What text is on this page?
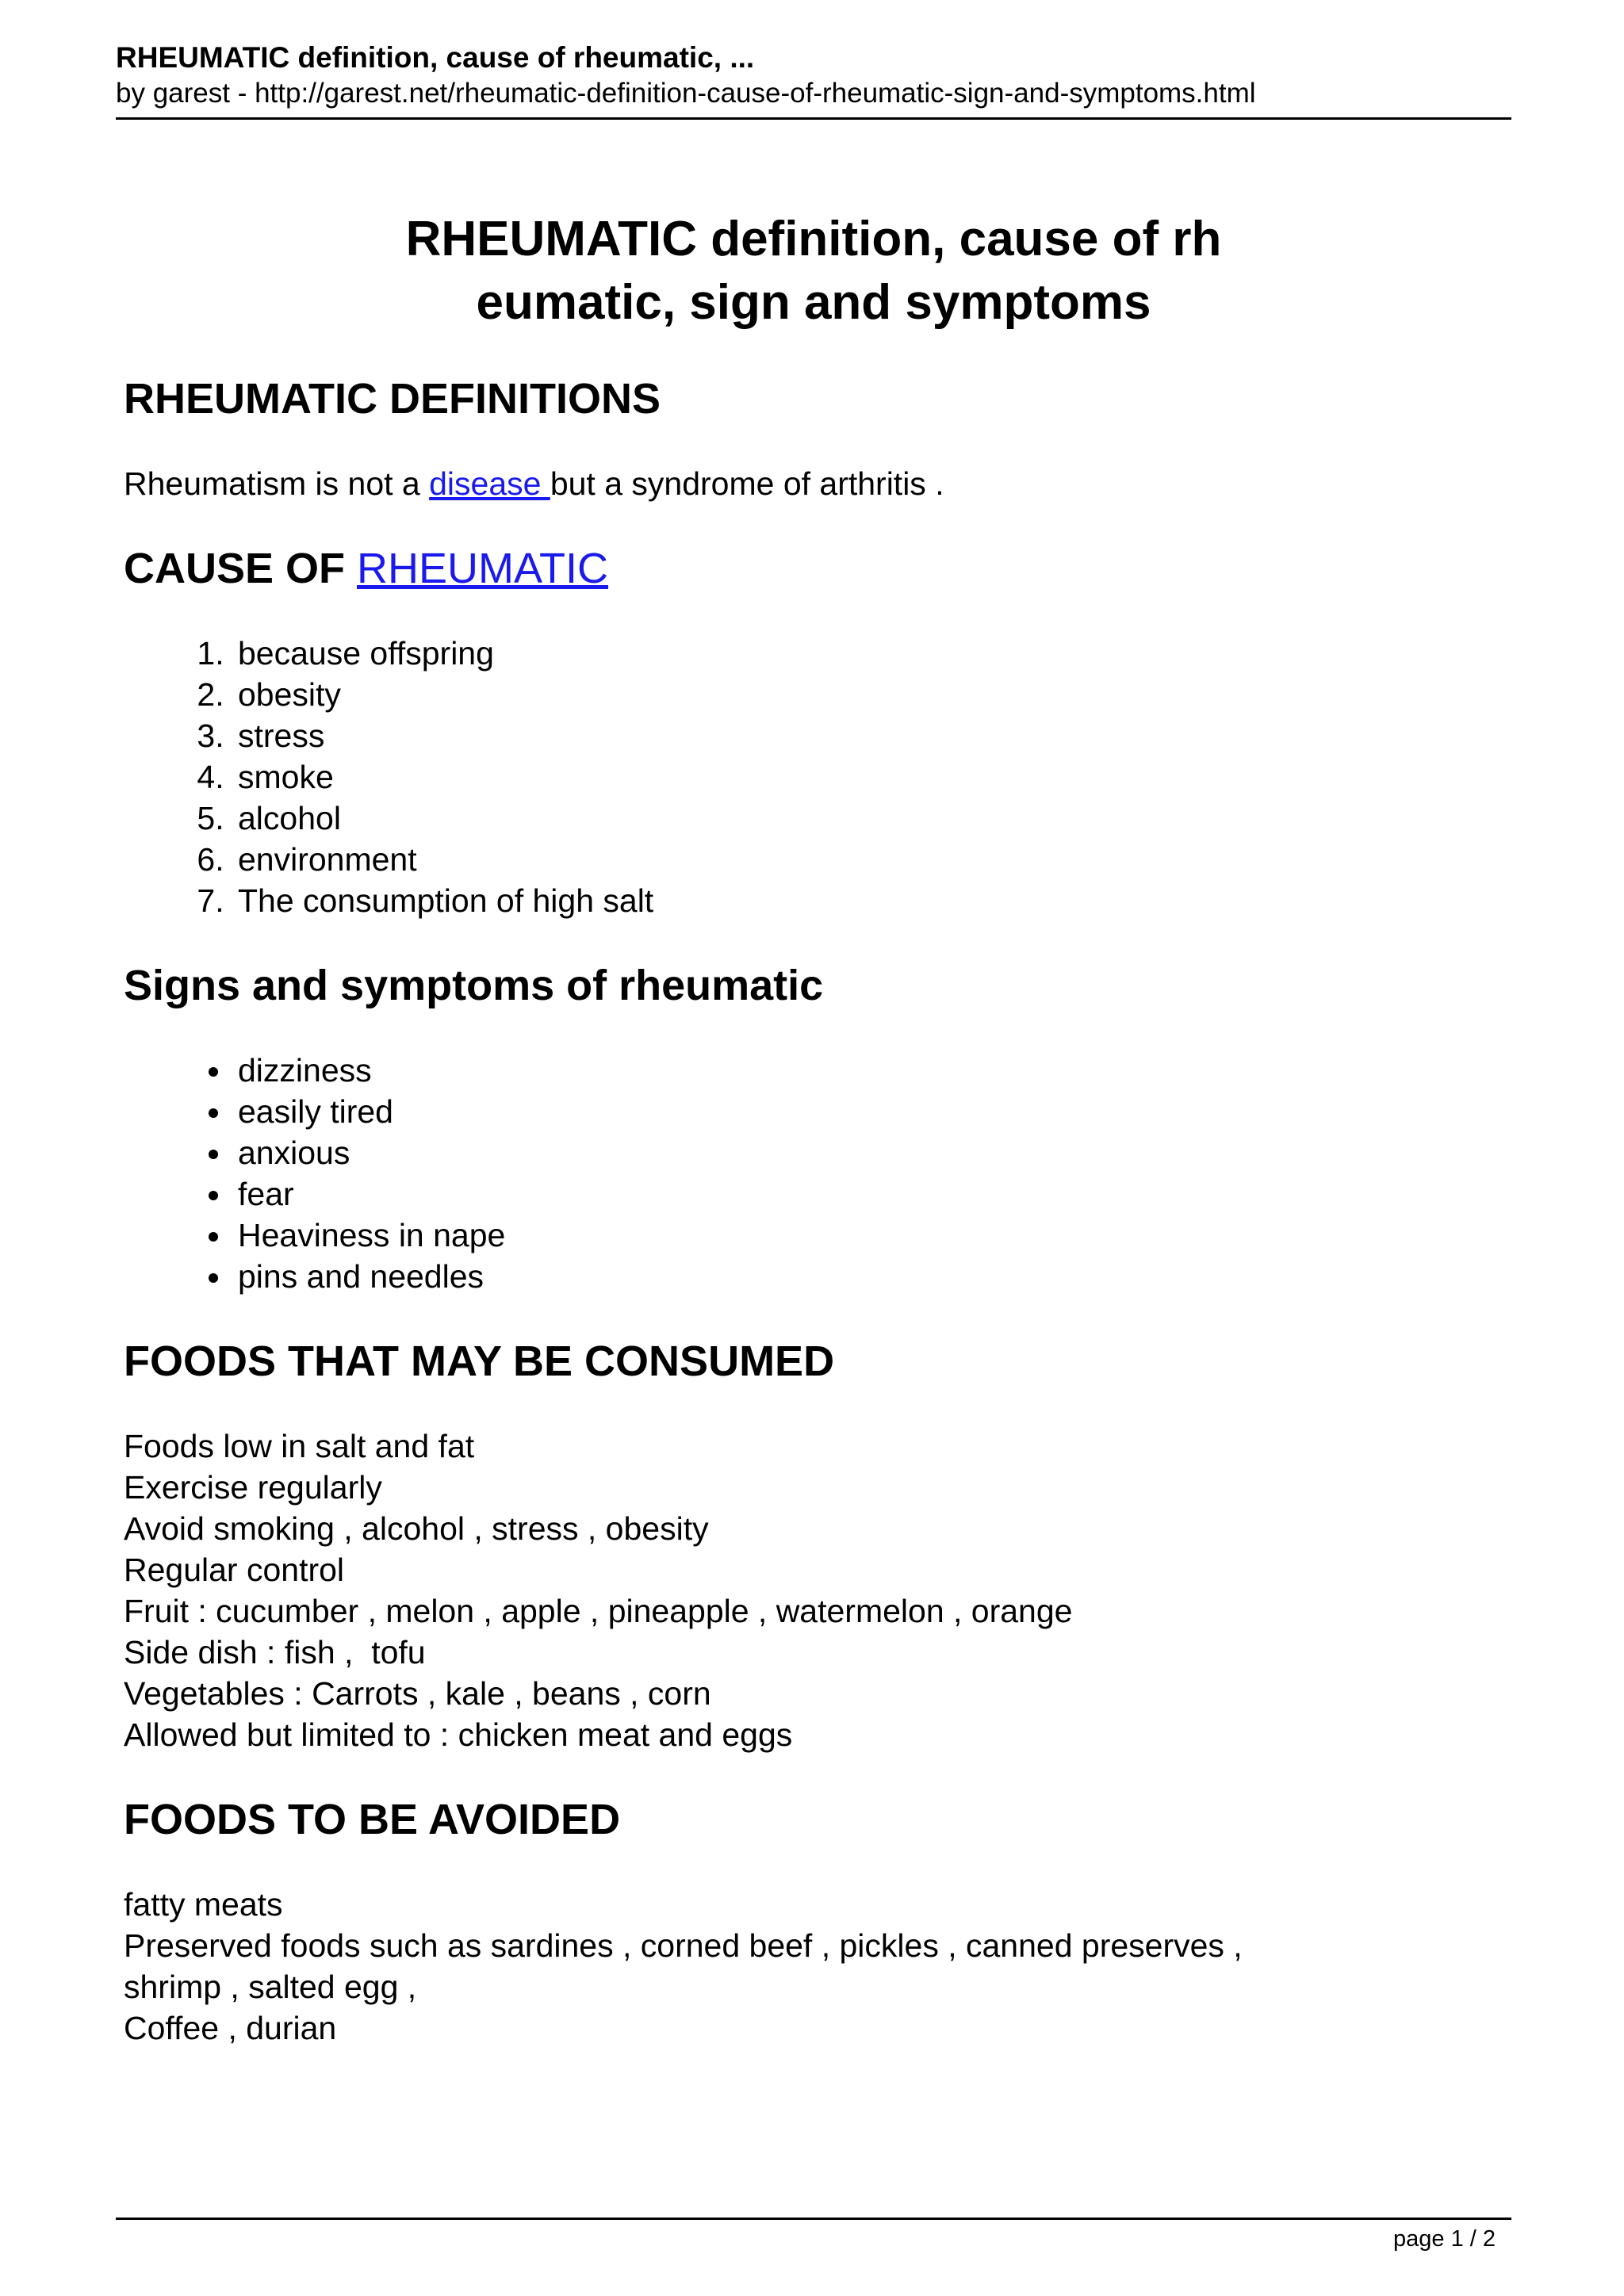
RHEUMATIC definition, cause of rheumatic, ...
by garest - http://garest.net/rheumatic-definition-cause-of-rheumatic-sign-and-symptoms.html
RHEUMATIC definition, cause of rh
eumatic, sign and symptoms
RHEUMATIC DEFINITIONS

Rheumatism is not a disease but a syndrome of arthritis .

CAUSE OF RHEUMATIC
1. because offspring
2. obesity
3. stress
4. smoke
5. alcohol
6. environment
7. The consumption of high salt
Signs and symptoms of rheumatic
• dizziness
• easily tired
• anxious
• fear
• Heaviness in nape
• pins and needles
FOODS THAT MAY BE CONSUMED

Foods low in salt and fat

Exercise regularly

Avoid smoking , alcohol , stress , obesity

Regular control

Fruit : cucumber , melon , apple , pineapple , watermelon , orange

Side dish : fish ,  tofu

Vegetables : Carrots , kale , beans , corn

Allowed but limited to : chicken meat and eggs

FOODS TO BE AVOIDED

fatty meats

Preserved foods such as sardines , corned beef , pickles , canned preserves ,

shrimp , salted egg ,

Coffee , durian

page 1 / 2
